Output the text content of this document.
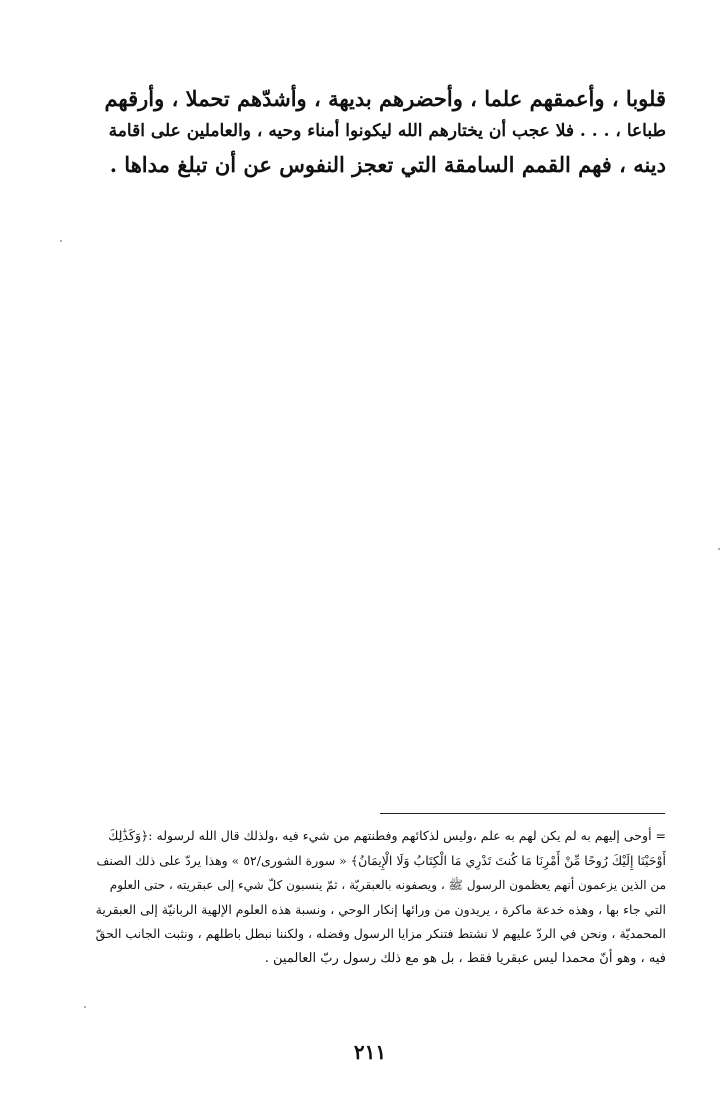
قلوبا ، وأعمقهم علما ، وأحضرهم بديهة ، وأشدّهم تحملا ، وأرقهم
طباعا ، . . . فلا عجب أن يختارهم الله ليكونوا أمناء وحيه ، والعاملين على اقامة
دينه ، فهم القمم السامقة التي تعجز النفوس عن أن تبلغ مداها .
= أوحى إليهم به لم يكن لهم به علم ،وليس لذكائهم وفطنتهم من شيء فيه ،ولذلك قال الله لرسوله :﴿وَكَذَٰلِكَ
أَوْحَيْنَا إِلَيْكَ رُوحًا مِّنْ أَمْرِنَا مَا كُنتَ تَدْرِي مَا الْكِتَابُ وَلَا الْإِيمَانُ﴾ « سورة الشورى/٥٢ » وهذا يردّ على ذلك الصنف
من الذين يزعمون أنهم يعظمون الرسول ﷺ ، ويصفونه بالعبقريّة ، ثمّ ينسبون كلّ شيء إلى عبقريته ، حتى العلوم
التي جاء بها ، وهذه خدعة ماكرة ، يريدون من ورائها إنكار الوحي ، ونسبة هذه العلوم الإلهية الربانيّة إلى العبقرية
المحمديّة ، ونحن في الردّ عليهم لا نشتط فتنكر مزايا الرسول وفضله ، ولكننا نبطل باطلهم ، ونثبت الجانب الحقّ
فيه ، وهو أنّ محمدا ليس عبقريا فقط ، بل هو مع ذلك رسول ربّ العالمين .
٢١١
